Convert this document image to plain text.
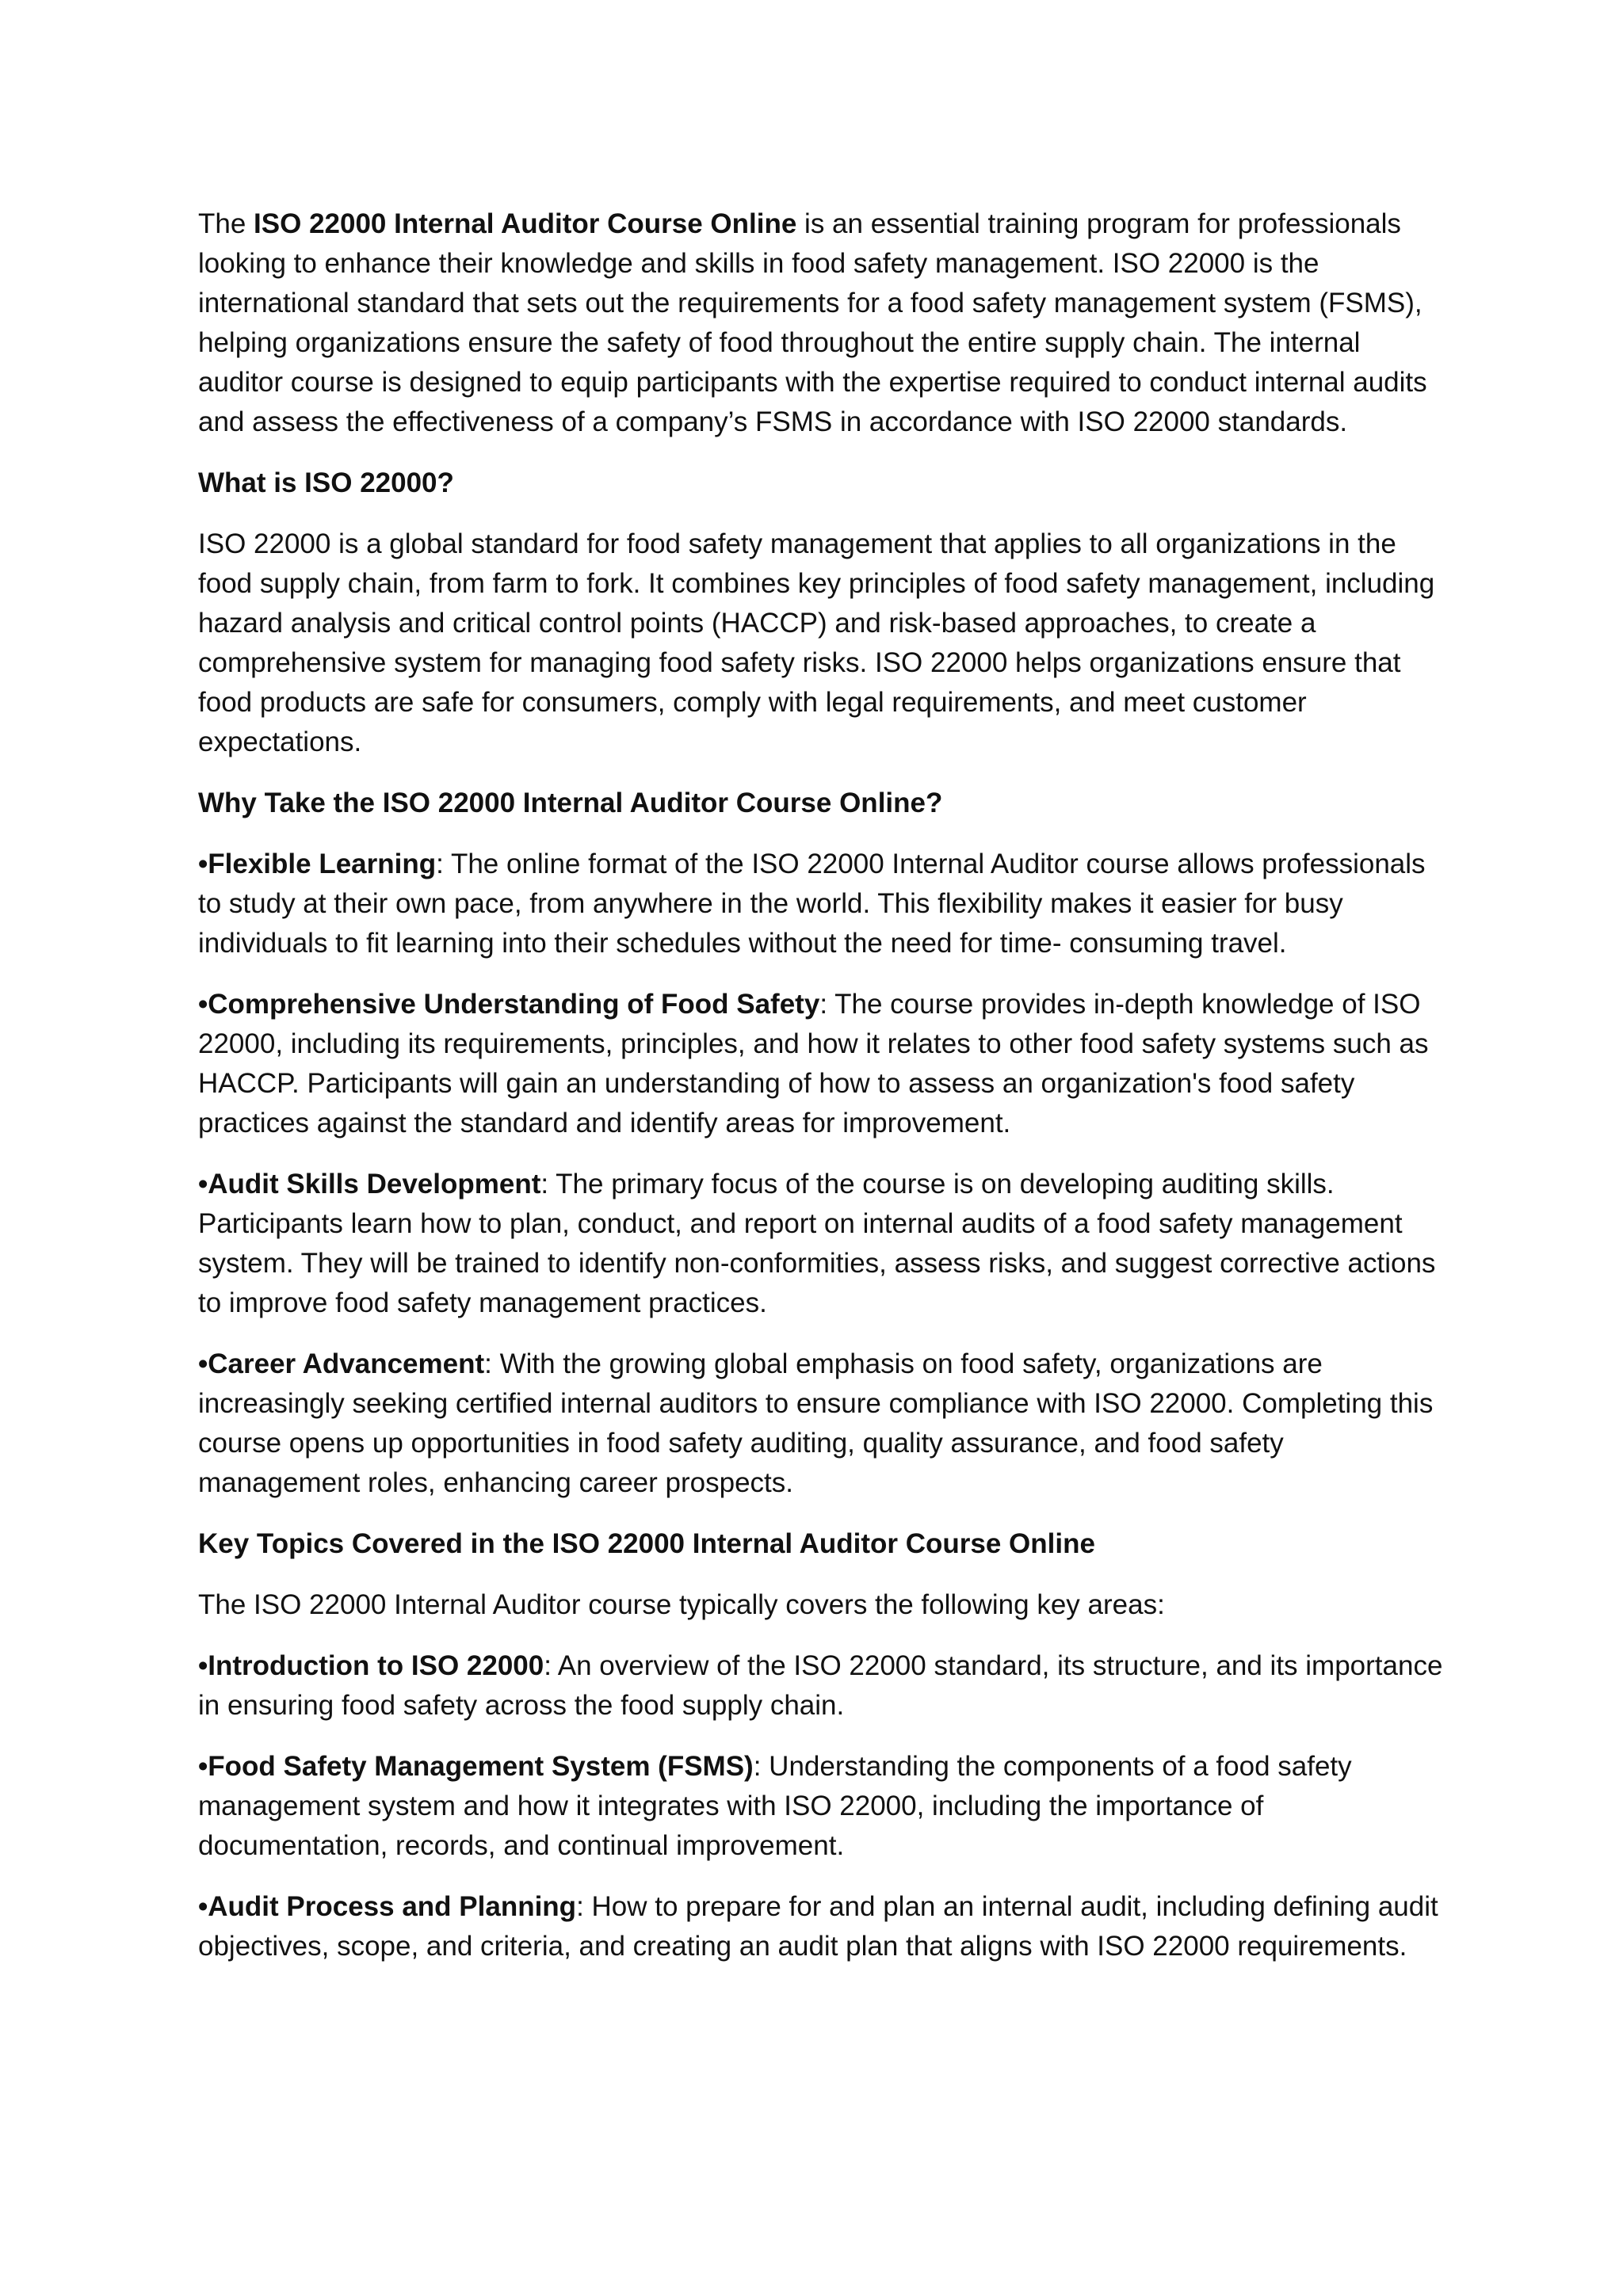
The ISO 22000 Internal Auditor Course Online is an essential training program for professionals looking to enhance their knowledge and skills in food safety management. ISO 22000 is the international standard that sets out the requirements for a food safety management system (FSMS), helping organizations ensure the safety of food throughout the entire supply chain. The internal auditor course is designed to equip participants with the expertise required to conduct internal audits and assess the effectiveness of a company’s FSMS in accordance with ISO 22000 standards.

What is ISO 22000?

ISO 22000 is a global standard for food safety management that applies to all organizations in the food supply chain, from farm to fork. It combines key principles of food safety management, including hazard analysis and critical control points (HACCP) and risk-based approaches, to create a comprehensive system for managing food safety risks. ISO 22000 helps organizations ensure that food products are safe for consumers, comply with legal requirements, and meet customer expectations.

Why Take the ISO 22000 Internal Auditor Course Online?

• Flexible Learning: The online format of the ISO 22000 Internal Auditor course allows professionals to study at their own pace, from anywhere in the world. This flexibility makes it easier for busy individuals to fit learning into their schedules without the need for time- consuming travel.

• Comprehensive Understanding of Food Safety: The course provides in-depth knowledge of ISO 22000, including its requirements, principles, and how it relates to other food safety systems such as HACCP. Participants will gain an understanding of how to assess an organization's food safety practices against the standard and identify areas for improvement.

• Audit Skills Development: The primary focus of the course is on developing auditing skills. Participants learn how to plan, conduct, and report on internal audits of a food safety management system. They will be trained to identify non-conformities, assess risks, and suggest corrective actions to improve food safety management practices.

• Career Advancement: With the growing global emphasis on food safety, organizations are increasingly seeking certified internal auditors to ensure compliance with ISO 22000. Completing this course opens up opportunities in food safety auditing, quality assurance, and food safety management roles, enhancing career prospects.

Key Topics Covered in the ISO 22000 Internal Auditor Course Online

The ISO 22000 Internal Auditor course typically covers the following key areas:

• Introduction to ISO 22000: An overview of the ISO 22000 standard, its structure, and its importance in ensuring food safety across the food supply chain.

• Food Safety Management System (FSMS): Understanding the components of a food safety management system and how it integrates with ISO 22000, including the importance of documentation, records, and continual improvement.

• Audit Process and Planning: How to prepare for and plan an internal audit, including defining audit objectives, scope, and criteria, and creating an audit plan that aligns with ISO 22000 requirements.
